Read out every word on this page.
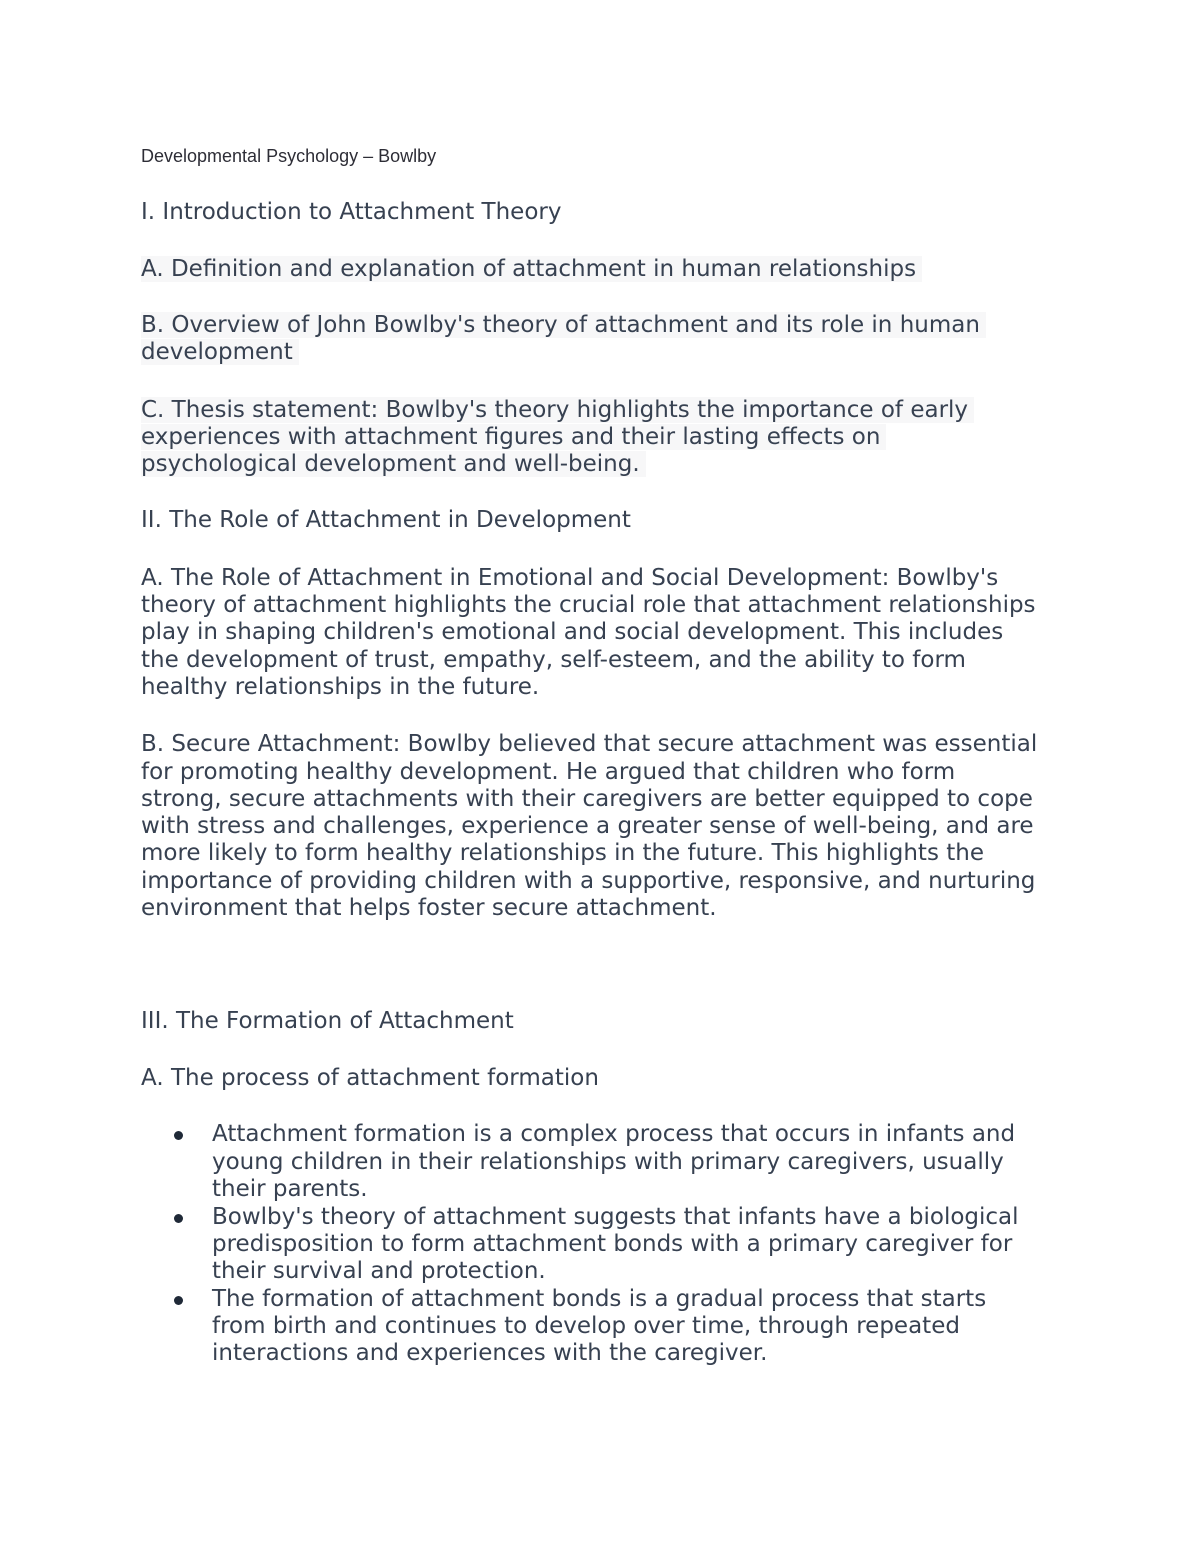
Developmental Psychology – Bowlby

I. Introduction to Attachment Theory

A. Definition and explanation of attachment in human relationships

B. Overview of John Bowlby's theory of attachment and its role in human

development

C. Thesis statement: Bowlby's theory highlights the importance of early

experiences with attachment figures and their lasting effects on

psychological development and well-being.

II. The Role of Attachment in Development

A. The Role of Attachment in Emotional and Social Development: Bowlby's

theory of attachment highlights the crucial role that attachment relationships

play in shaping children's emotional and social development. This includes

the development of trust, empathy, self-esteem, and the ability to form

healthy relationships in the future.

B. Secure Attachment: Bowlby believed that secure attachment was essential

for promoting healthy development. He argued that children who form

strong, secure attachments with their caregivers are better equipped to cope

with stress and challenges, experience a greater sense of well-being, and are

more likely to form healthy relationships in the future. This highlights the

importance of providing children with a supportive, responsive, and nurturing

environment that helps foster secure attachment.

III. The Formation of Attachment

A. The process of attachment formation

Attachment formation is a complex process that occurs in infants and

young children in their relationships with primary caregivers, usually

their parents.

Bowlby's theory of attachment suggests that infants have a biological

predisposition to form attachment bonds with a primary caregiver for

their survival and protection.

The formation of attachment bonds is a gradual process that starts

from birth and continues to develop over time, through repeated

interactions and experiences with the caregiver.
